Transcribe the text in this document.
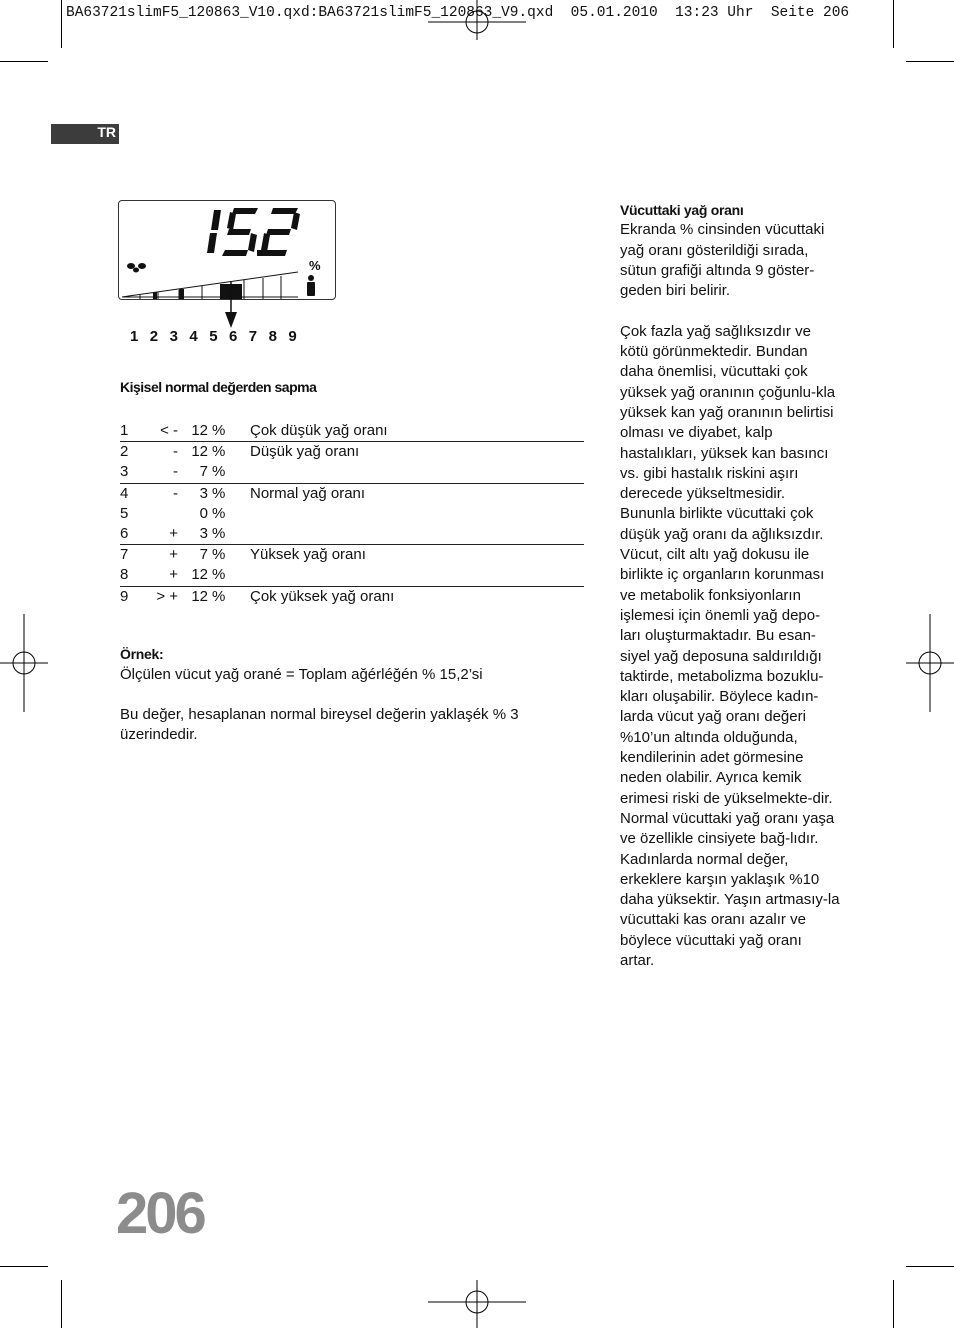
BA63721slimF5_120863_V10.qxd:BA63721slimF5_120863_V9.qxd  05.01.2010  13:23 Uhr  Seite 206
TR
%
1 2 3 4 5 6 7 8 9
Kişisel normal değerden sapma
1	< -	12	%	Çok düşük yağ oranı
2	-	12	%	Düşük yağ oranı
3	-	7	%	
4	-	3	%	Normal yağ oranı
5		0	%	
6	+	3	%	
7	+	7	%	Yüksek yağ oranı
8	+	12	%	
9	> +	12	%	Çok yüksek yağ oranı
Örnek:
Ölçülen vücut yağ orané = Toplam ağérléğén % 15,2’si
Bu değer, hesaplanan normal bireysel değerin yaklaşék % 3 üzerindedir.
Vücuttaki yağ oranı
Ekranda % cinsinden vücuttaki yağ oranı gösterildiği sırada, sütun grafiği altında 9 göster-geden biri belirir.
Çok fazla yağ sağlıksızdır ve kötü görünmektedir. Bundan daha önemlisi, vücuttaki çok yüksek yağ oranının çoğunlu-kla yüksek kan yağ oranının belirtisi olması ve diyabet, kalp hastalıkları, yüksek kan basıncı vs. gibi hastalık riskini aşırı derecede yükseltmesidir. Bununla birlikte vücuttaki çok düşük yağ oranı da ağlıksızdır. Vücut, cilt altı yağ dokusu ile birlikte iç organların korunması ve metabolik fonksiyonların işlemesi için önemli yağ depo-ları oluşturmaktadır. Bu esan-siyel yağ deposuna saldırıldığı taktirde, metabolizma bozuklu-kları oluşabilir. Böylece kadın-larda vücut yağ oranı değeri %10’un altında olduğunda, kendilerinin adet görmesine neden olabilir. Ayrıca kemik erimesi riski de yükselmekte-dir.
Normal vücuttaki yağ oranı yaşa ve özellikle cinsiyete bağ-lıdır. Kadınlarda normal değer, erkeklere karşın yaklaşık %10 daha yüksektir. Yaşın artmasıy-la vücuttaki kas oranı azalır ve böylece vücuttaki yağ oranı artar.
206
